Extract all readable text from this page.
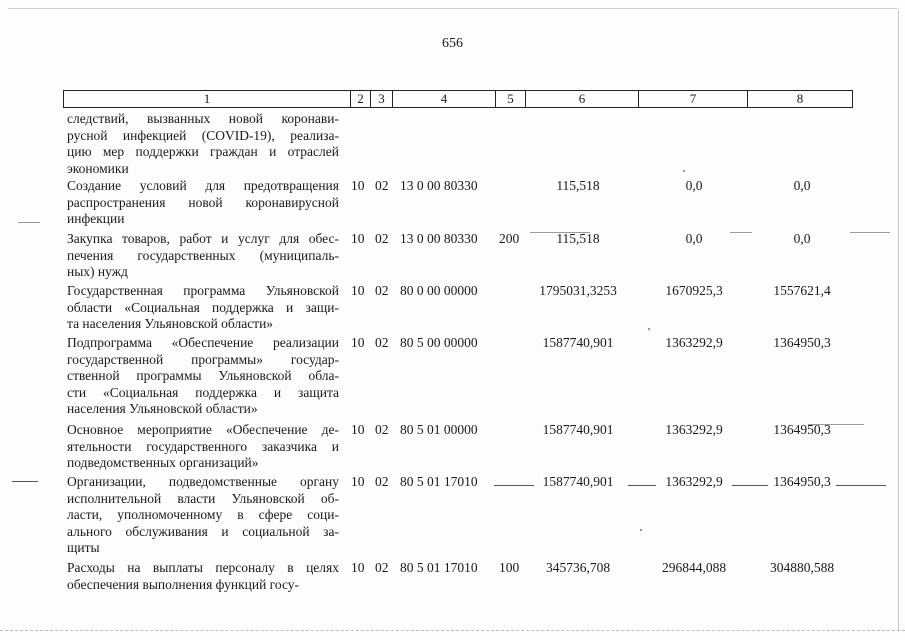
656
1	2	3	4	5	6	7	8
следствий, вызванных новой коронави-
русной инфекцией (COVID-19), реализа-
цию мер поддержки граждан и отраслей
экономики
Создание условий для предотвращения
распространения новой коронавирусной
инфекции
10 02 13 0 00 80330	115,518	0,0	0,0
Закупка товаров, работ и услуг для обес-
печения государственных (муниципаль-
ных) нужд
10 02 13 0 00 80330 200	115,518	0,0	0,0
Государственная программа Ульяновской
области «Социальная поддержка и защи-
та населения Ульяновской области»
10 02 80 0 00 00000	1795031,3253	1670925,3	1557621,4
Подпрограмма «Обеспечение реализации
государственной программы» государ-
ственной программы Ульяновской обла-
сти «Социальная поддержка и защита
населения Ульяновской области»
10 02 80 5 00 00000	1587740,901	1363292,9	1364950,3
Основное мероприятие «Обеспечение де-
ятельности государственного заказчика и
подведомственных организаций»
10 02 80 5 01 00000	1587740,901	1363292,9	1364950,3
Организации, подведомственные органу
исполнительной власти Ульяновской об-
ласти, уполномоченному в сфере соци-
ального обслуживания и социальной за-
щиты
10 02 80 5 01 17010	1587740,901	1363292,9	1364950,3
Расходы на выплаты персоналу в целях
обеспечения выполнения функций госу-
10 02 80 5 01 17010 100	345736,708	296844,088	304880,588
